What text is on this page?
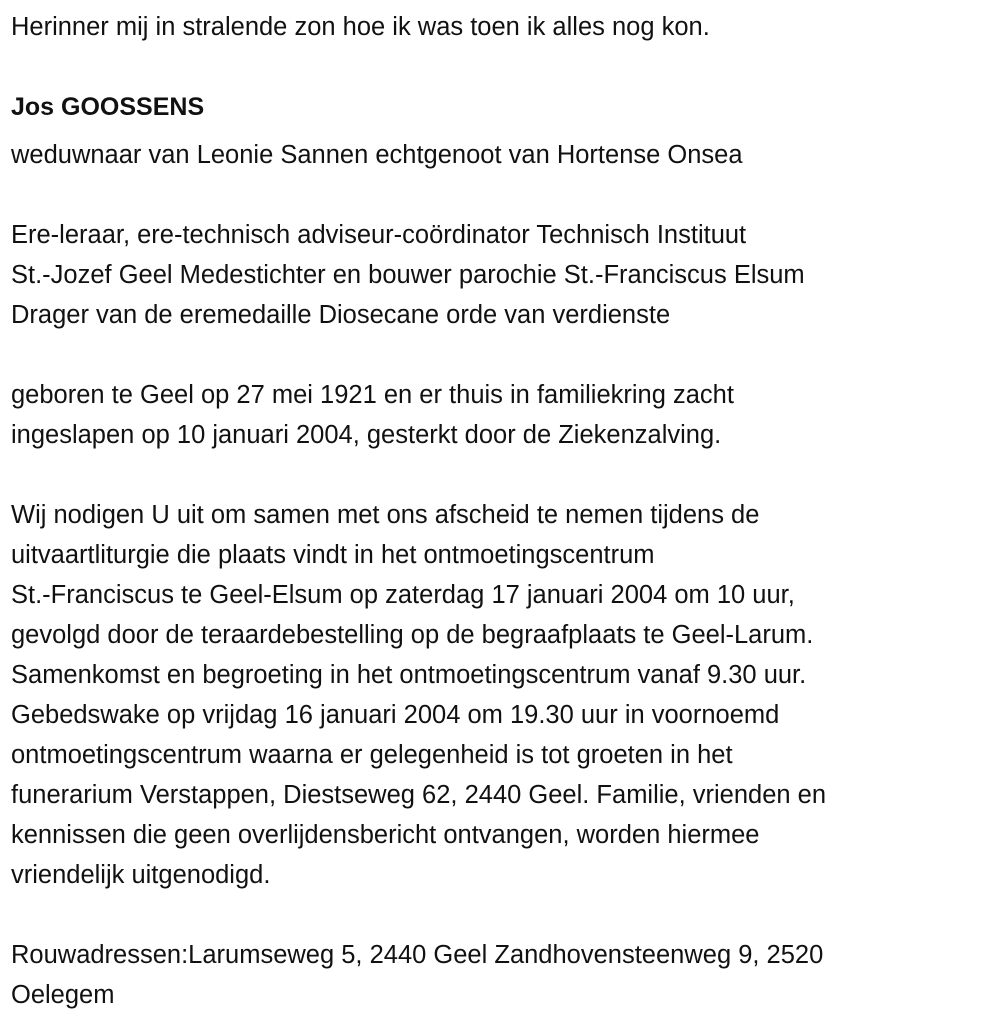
Herinner mij in stralende zon hoe ik was toen ik alles nog kon.
Jos GOOSSENS
weduwnaar van Leonie Sannen echtgenoot van Hortense Onsea
Ere-leraar, ere-technisch adviseur-coördinator Technisch Instituut
St.-Jozef Geel Medestichter en bouwer parochie St.-Franciscus Elsum
Drager van de eremedaille Diosecane orde van verdienste
geboren te Geel op 27 mei 1921 en er thuis in familiekring zacht
ingeslapen op 10 januari 2004, gesterkt door de Ziekenzalving.
Wij nodigen U uit om samen met ons afscheid te nemen tijdens de
uitvaartliturgie die plaats vindt in het ontmoetingscentrum
St.-Franciscus te Geel-Elsum op zaterdag 17 januari 2004 om 10 uur,
gevolgd door de teraardebestelling op de begraafplaats te Geel-Larum.
Samenkomst en begroeting in het ontmoetingscentrum vanaf 9.30 uur.
Gebedswake op vrijdag 16 januari 2004 om 19.30 uur in voornoemd
ontmoetingscentrum waarna er gelegenheid is tot groeten in het
funerarium Verstappen, Diestseweg 62, 2440 Geel. Familie, vrienden en
kennissen die geen overlijdensbericht ontvangen, worden hiermee
vriendelijk uitgenodigd.
Rouwadressen:Larumseweg 5, 2440 Geel Zandhovensteenweg 9, 2520
Oelegem
